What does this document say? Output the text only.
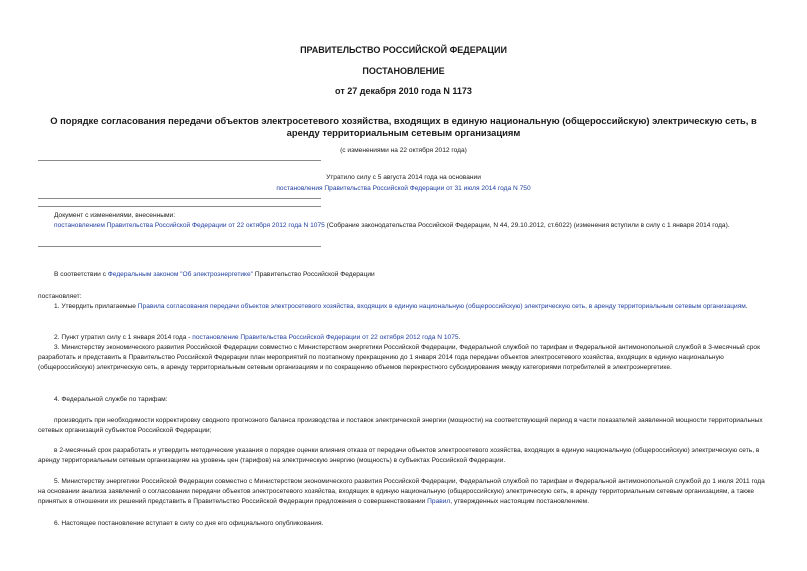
ПРАВИТЕЛЬСТВО РОССИЙСКОЙ ФЕДЕРАЦИИ
ПОСТАНОВЛЕНИЕ
от 27 декабря 2010 года N 1173
О порядке согласования передачи объектов электросетевого хозяйства, входящих в единую национальную (общероссийскую) электрическую сеть, в аренду территориальным сетевым организациям
(с изменениями на 22 октября 2012 года)
Утратило силу с 5 августа 2014 года на основании
постановления Правительства Российской Федерации от 31 июля 2014 года N 750
Документ с изменениями, внесенными:
постановлением Правительства Российской Федерации от 22 октября 2012 года N 1075 (Собрание законодательства Российской Федерации, N 44, 29.10.2012, ст.6022) (изменения вступили в силу с 1 января 2014 года).
В соответствии с Федеральным законом "Об электроэнергетике" Правительство Российской Федерации
постановляет:
1. Утвердить прилагаемые Правила согласования передачи объектов электросетевого хозяйства, входящих в единую национальную (общероссийскую) электрическую сеть, в аренду территориальным сетевым организациям.
2. Пункт утратил силу с 1 января 2014 года - постановление Правительства Российской Федерации от 22 октября 2012 года N 1075.
3. Министерству экономического развития Российской Федерации совместно с Министерством энергетики Российской Федерации, Федеральной службой по тарифам и Федеральной антимонопольной службой в 3-месячный срок разработать и представить в Правительство Российской Федерации план мероприятий по поэтапному прекращению до 1 января 2014 года передачи объектов электросетевого хозяйства, входящих в единую национальную (общероссийскую) электрическую сеть, в аренду территориальным сетевым организациям и по сокращению объемов перекрестного субсидирования между категориями потребителей в электроэнергетике.
4. Федеральной службе по тарифам:
производить при необходимости корректировку сводного прогнозного баланса производства и поставок электрической энергии (мощности) на соответствующий период в части показателей заявленной мощности территориальных сетевых организаций субъектов Российской Федерации;
в 2-месячный срок разработать и утвердить методические указания о порядке оценки влияния отказа от передачи объектов электросетевого хозяйства, входящих в единую национальную (общероссийскую) электрическую сеть, в аренду территориальным сетевым организациям на уровень цен (тарифов) на электрическую энергию (мощность) в субъектах Российской Федерации.
5. Министерству энергетики Российской Федерации совместно с Министерством экономического развития Российской Федерации, Федеральной службой по тарифам и Федеральной антимонопольной службой до 1 июля 2011 года на основании анализа заявлений о согласовании передачи объектов электросетевого хозяйства, входящих в единую национальную (общероссийскую) электрическую сеть, в аренду территориальным сетевым организациям, а также принятых в отношении их решений представить в Правительство Российской Федерации предложения о совершенствовании Правил, утвержденных настоящим постановлением.
6. Настоящее постановление вступает в силу со дня его официального опубликования.
